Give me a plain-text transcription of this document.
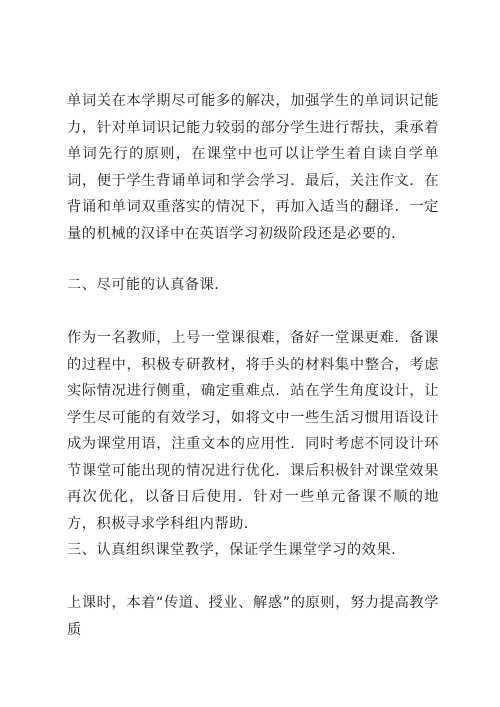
单词关在本学期尽可能多的解决，加强学生的单词识记能力，针对单词识记能力较弱的部分学生进行帮扶，秉承着单词先行的原则，在课堂中也可以让学生着自读自学单词，便于学生背诵单词和学会学习．最后，关注作文．在背诵和单词双重落实的情况下，再加入适当的翻译．一定量的机械的汉译中在英语学习初级阶段还是必要的．

二、尽可能的认真备课．

作为一名教师，上号一堂课很难，备好一堂课更难．备课的过程中，积极专研教材，将手头的材料集中整合，考虑实际情况进行侧重，确定重难点．站在学生角度设计，让学生尽可能的有效学习，如将文中一些生活习惯用语设计成为课堂用语，注重文本的应用性．同时考虑不同设计环节课堂可能出现的情况进行优化．课后积极针对课堂效果再次优化，以备日后使用．针对一些单元备课不顺的地方，积极寻求学科组内帮助．

三、认真组织课堂教学，保证学生课堂学习的效果．

上课时，本着“传道、授业、解惑”的原则，努力提高教学质
